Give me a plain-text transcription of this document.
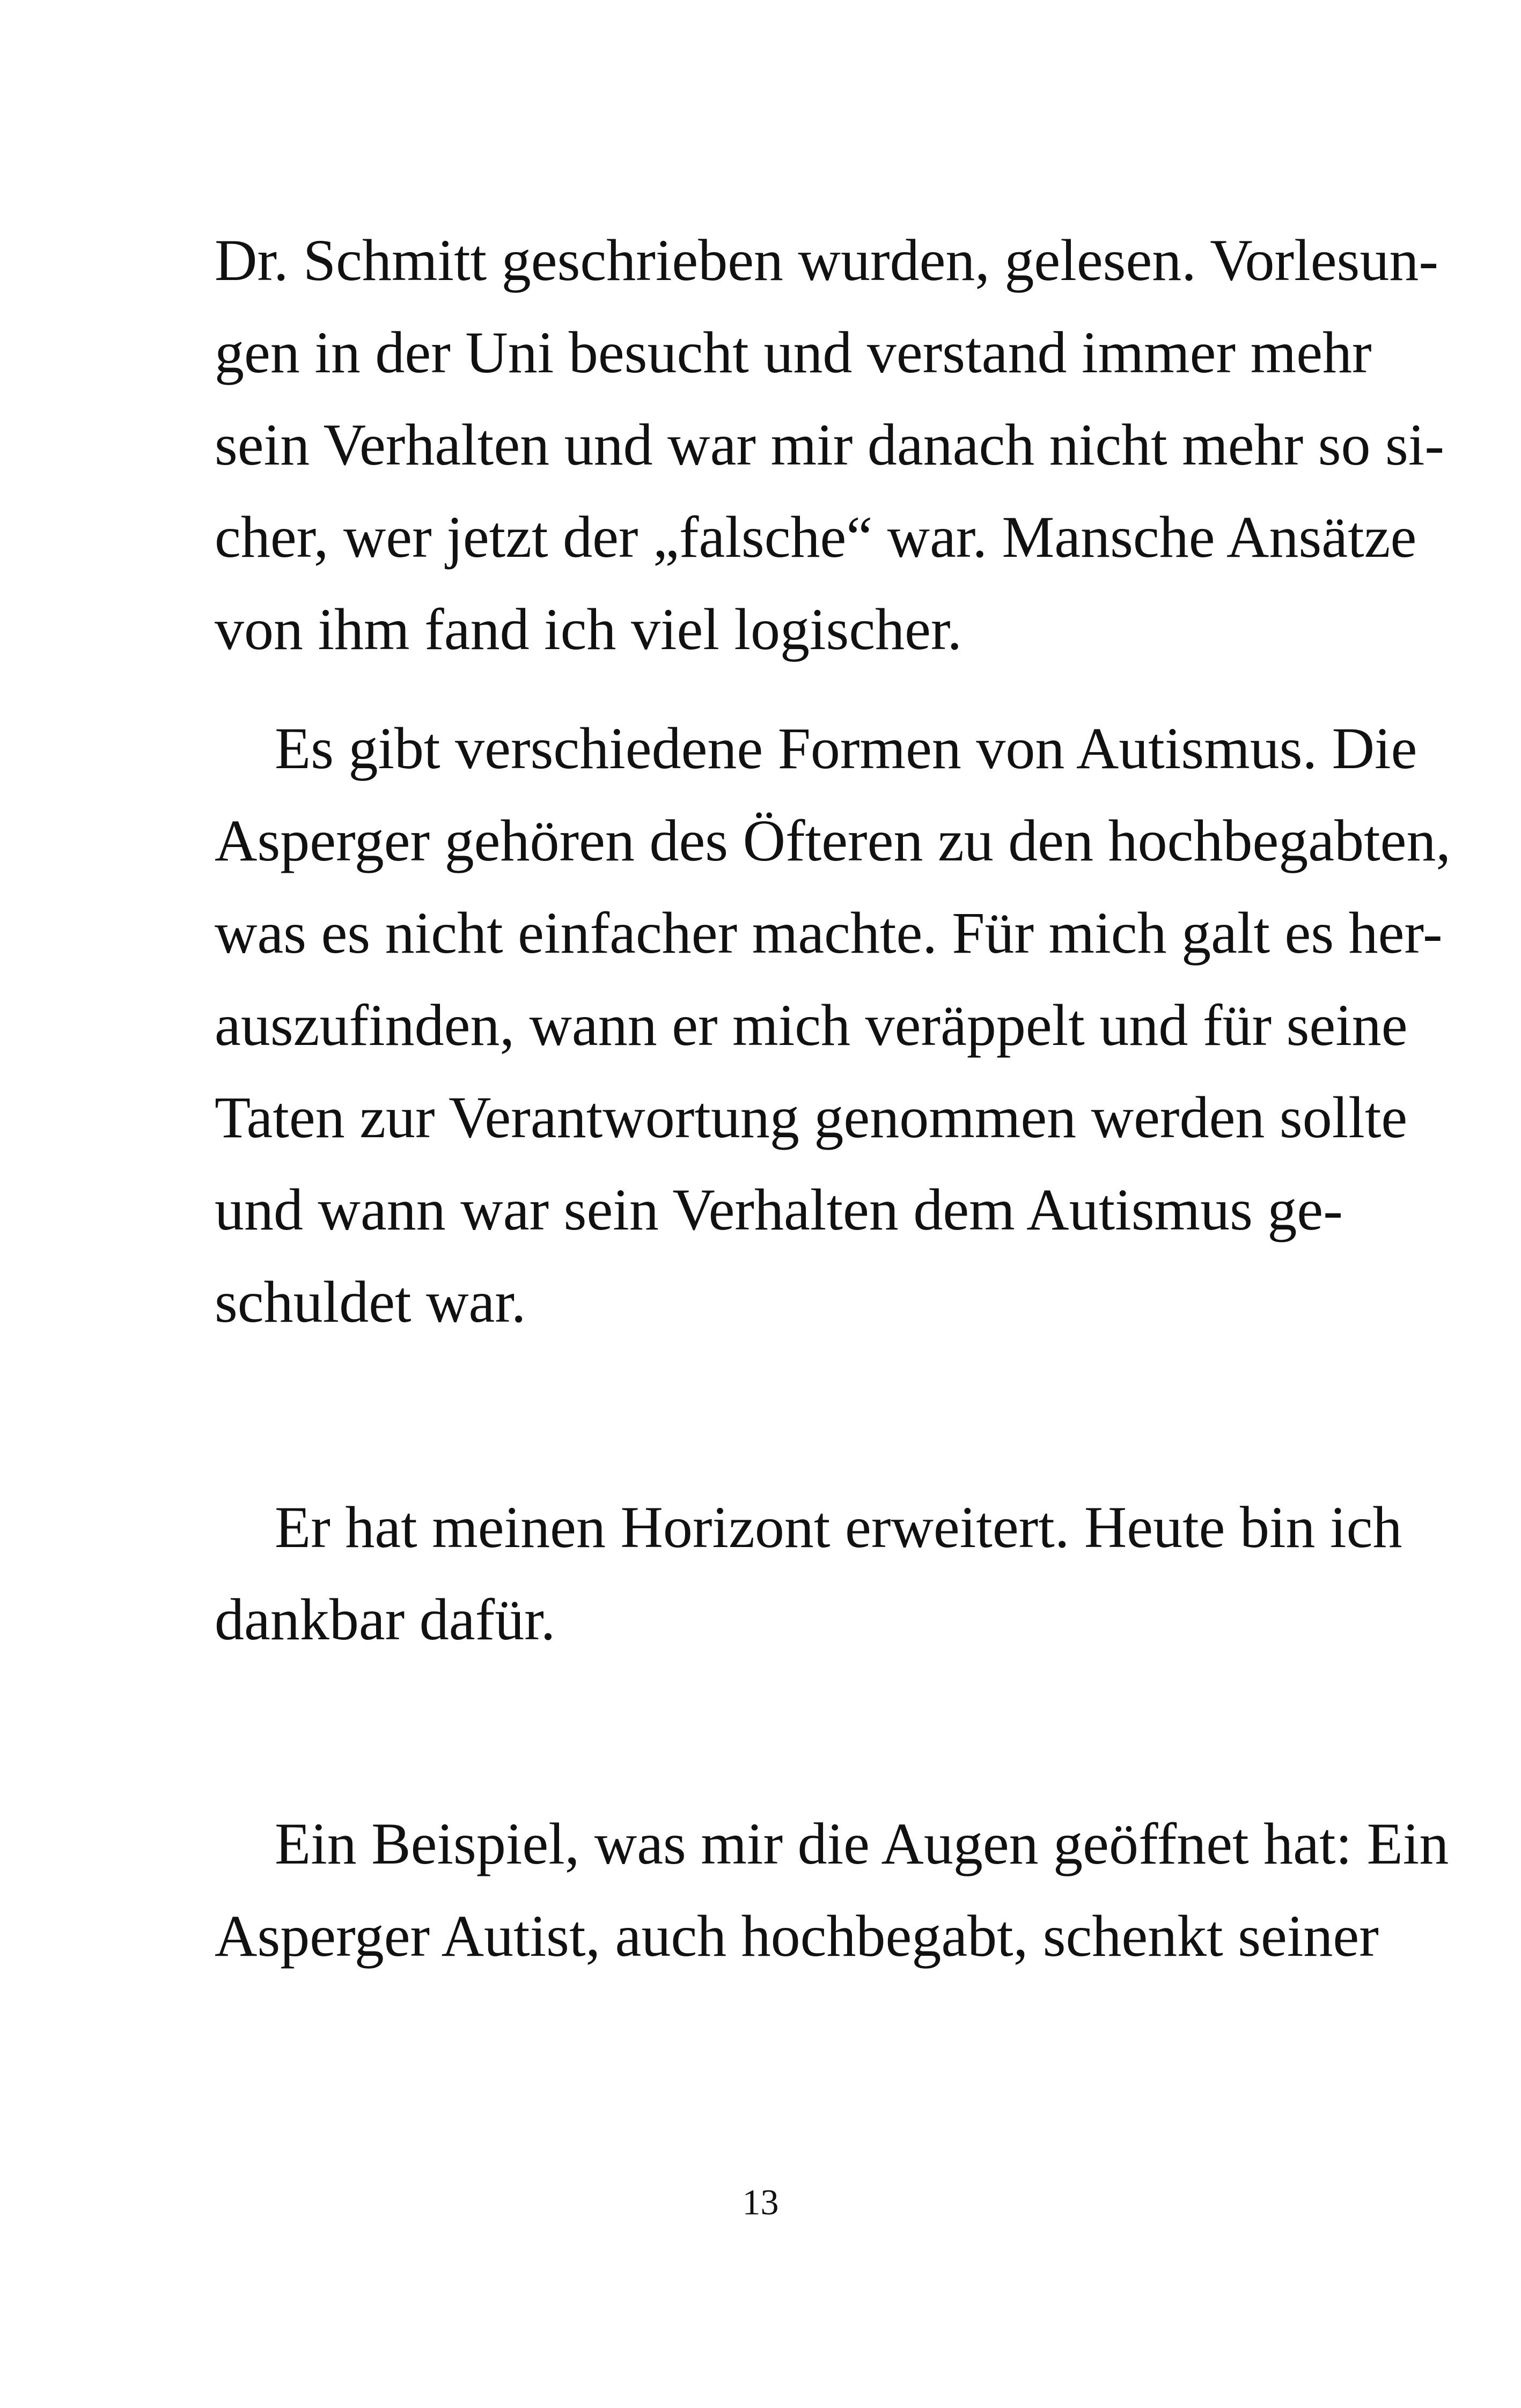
Dr. Schmitt geschrieben wurden, gelesen. Vorlesun-
gen in der Uni besucht und verstand immer mehr
sein Verhalten und war mir danach nicht mehr so si-
cher, wer jetzt der „falsche“ war. Mansche Ansätze
von ihm fand ich viel logischer.
Es gibt verschiedene Formen von Autismus. Die
Asperger gehören des Öfteren zu den hochbegabten,
was es nicht einfacher machte. Für mich galt es her-
auszufinden, wann er mich veräppelt und für seine
Taten zur Verantwortung genommen werden sollte
und wann war sein Verhalten dem Autismus ge-
schuldet war.
Er hat meinen Horizont erweitert. Heute bin ich
dankbar dafür.
Ein Beispiel, was mir die Augen geöffnet hat: Ein
Asperger Autist, auch hochbegabt, schenkt seiner
13
